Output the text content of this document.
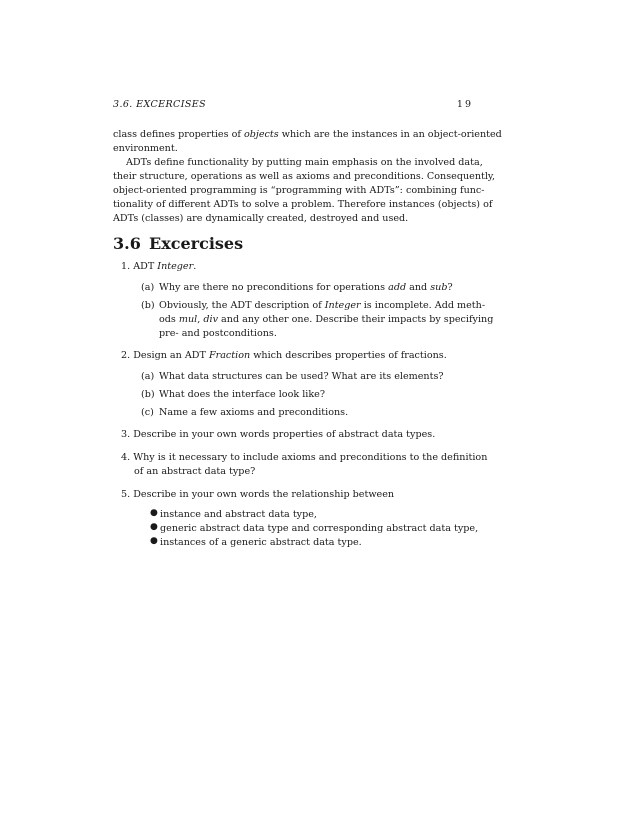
3.6. EXCERCISES	19
class defines properties of objects which are the instances in an object-oriented
environment.
ADTs define functionality by putting main emphasis on the involved data,
their structure, operations as well as axioms and preconditions. Consequently,
object-oriented programming is “programming with ADTs”: combining func-
tionality of different ADTs to solve a problem. Therefore instances (objects) of
ADTs (classes) are dynamically created, destroyed and used.
3.6 Excercises
1. ADT Integer.
(a) Why are there no preconditions for operations add and sub?
(b) Obviously, the ADT description of Integer is incomplete. Add meth-
ods mul, div and any other one. Describe their impacts by specifying
pre- and postconditions.
2. Design an ADT Fraction which describes properties of fractions.
(a) What data structures can be used? What are its elements?
(b) What does the interface look like?
(c) Name a few axioms and preconditions.
3. Describe in your own words properties of abstract data types.
4. Why is it necessary to include axioms and preconditions to the definition
of an abstract data type?
5. Describe in your own words the relationship between
● instance and abstract data type,
● generic abstract data type and corresponding abstract data type,
● instances of a generic abstract data type.
